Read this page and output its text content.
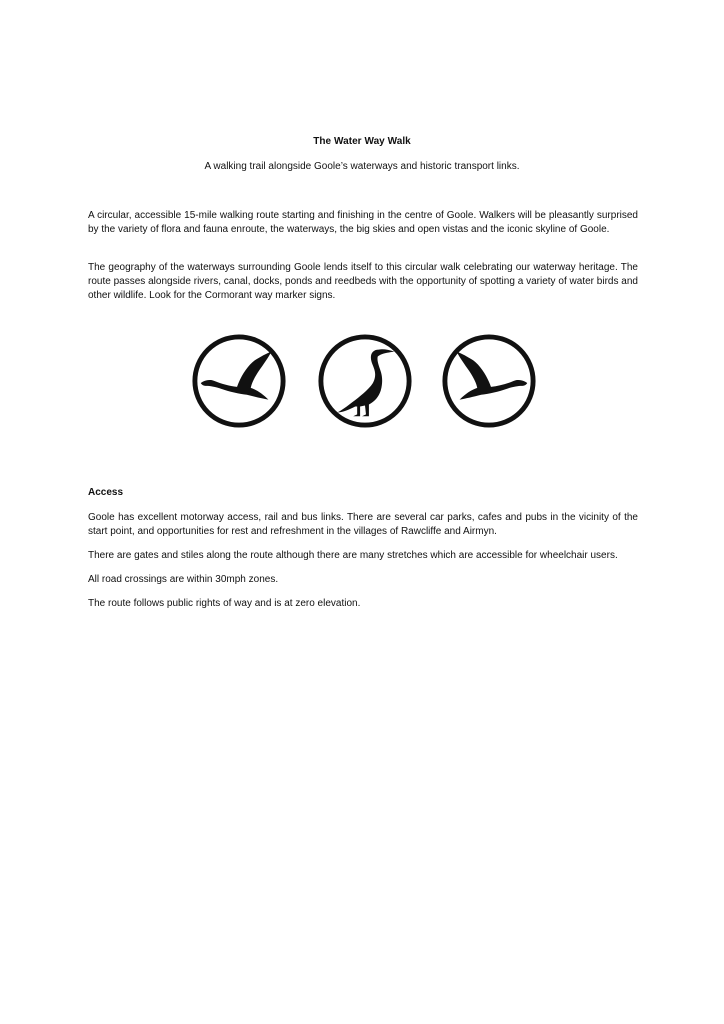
The Water Way Walk
A walking trail alongside Goole’s waterways and historic transport links.

A circular, accessible 15-mile walking route starting and finishing in the centre of Goole. Walkers will be pleasantly surprised by the variety of flora and fauna enroute, the waterways, the big skies and open vistas and the iconic skyline of Goole.

The geography of the waterways surrounding Goole lends itself to this circular walk celebrating our waterway heritage. The route passes alongside rivers, canal, docks, ponds and reedbeds with the opportunity of spotting a variety of water birds and other wildlife. Look for the Cormorant way marker signs.

Access

Goole has excellent motorway access, rail and bus links. There are several car parks, cafes and pubs in the vicinity of the start point, and opportunities for rest and refreshment in the villages of Rawcliffe and Airmyn.

There are gates and stiles along the route although there are many stretches which are accessible for wheelchair users.

All road crossings are within 30mph zones.

The route follows public rights of way and is at zero elevation.
